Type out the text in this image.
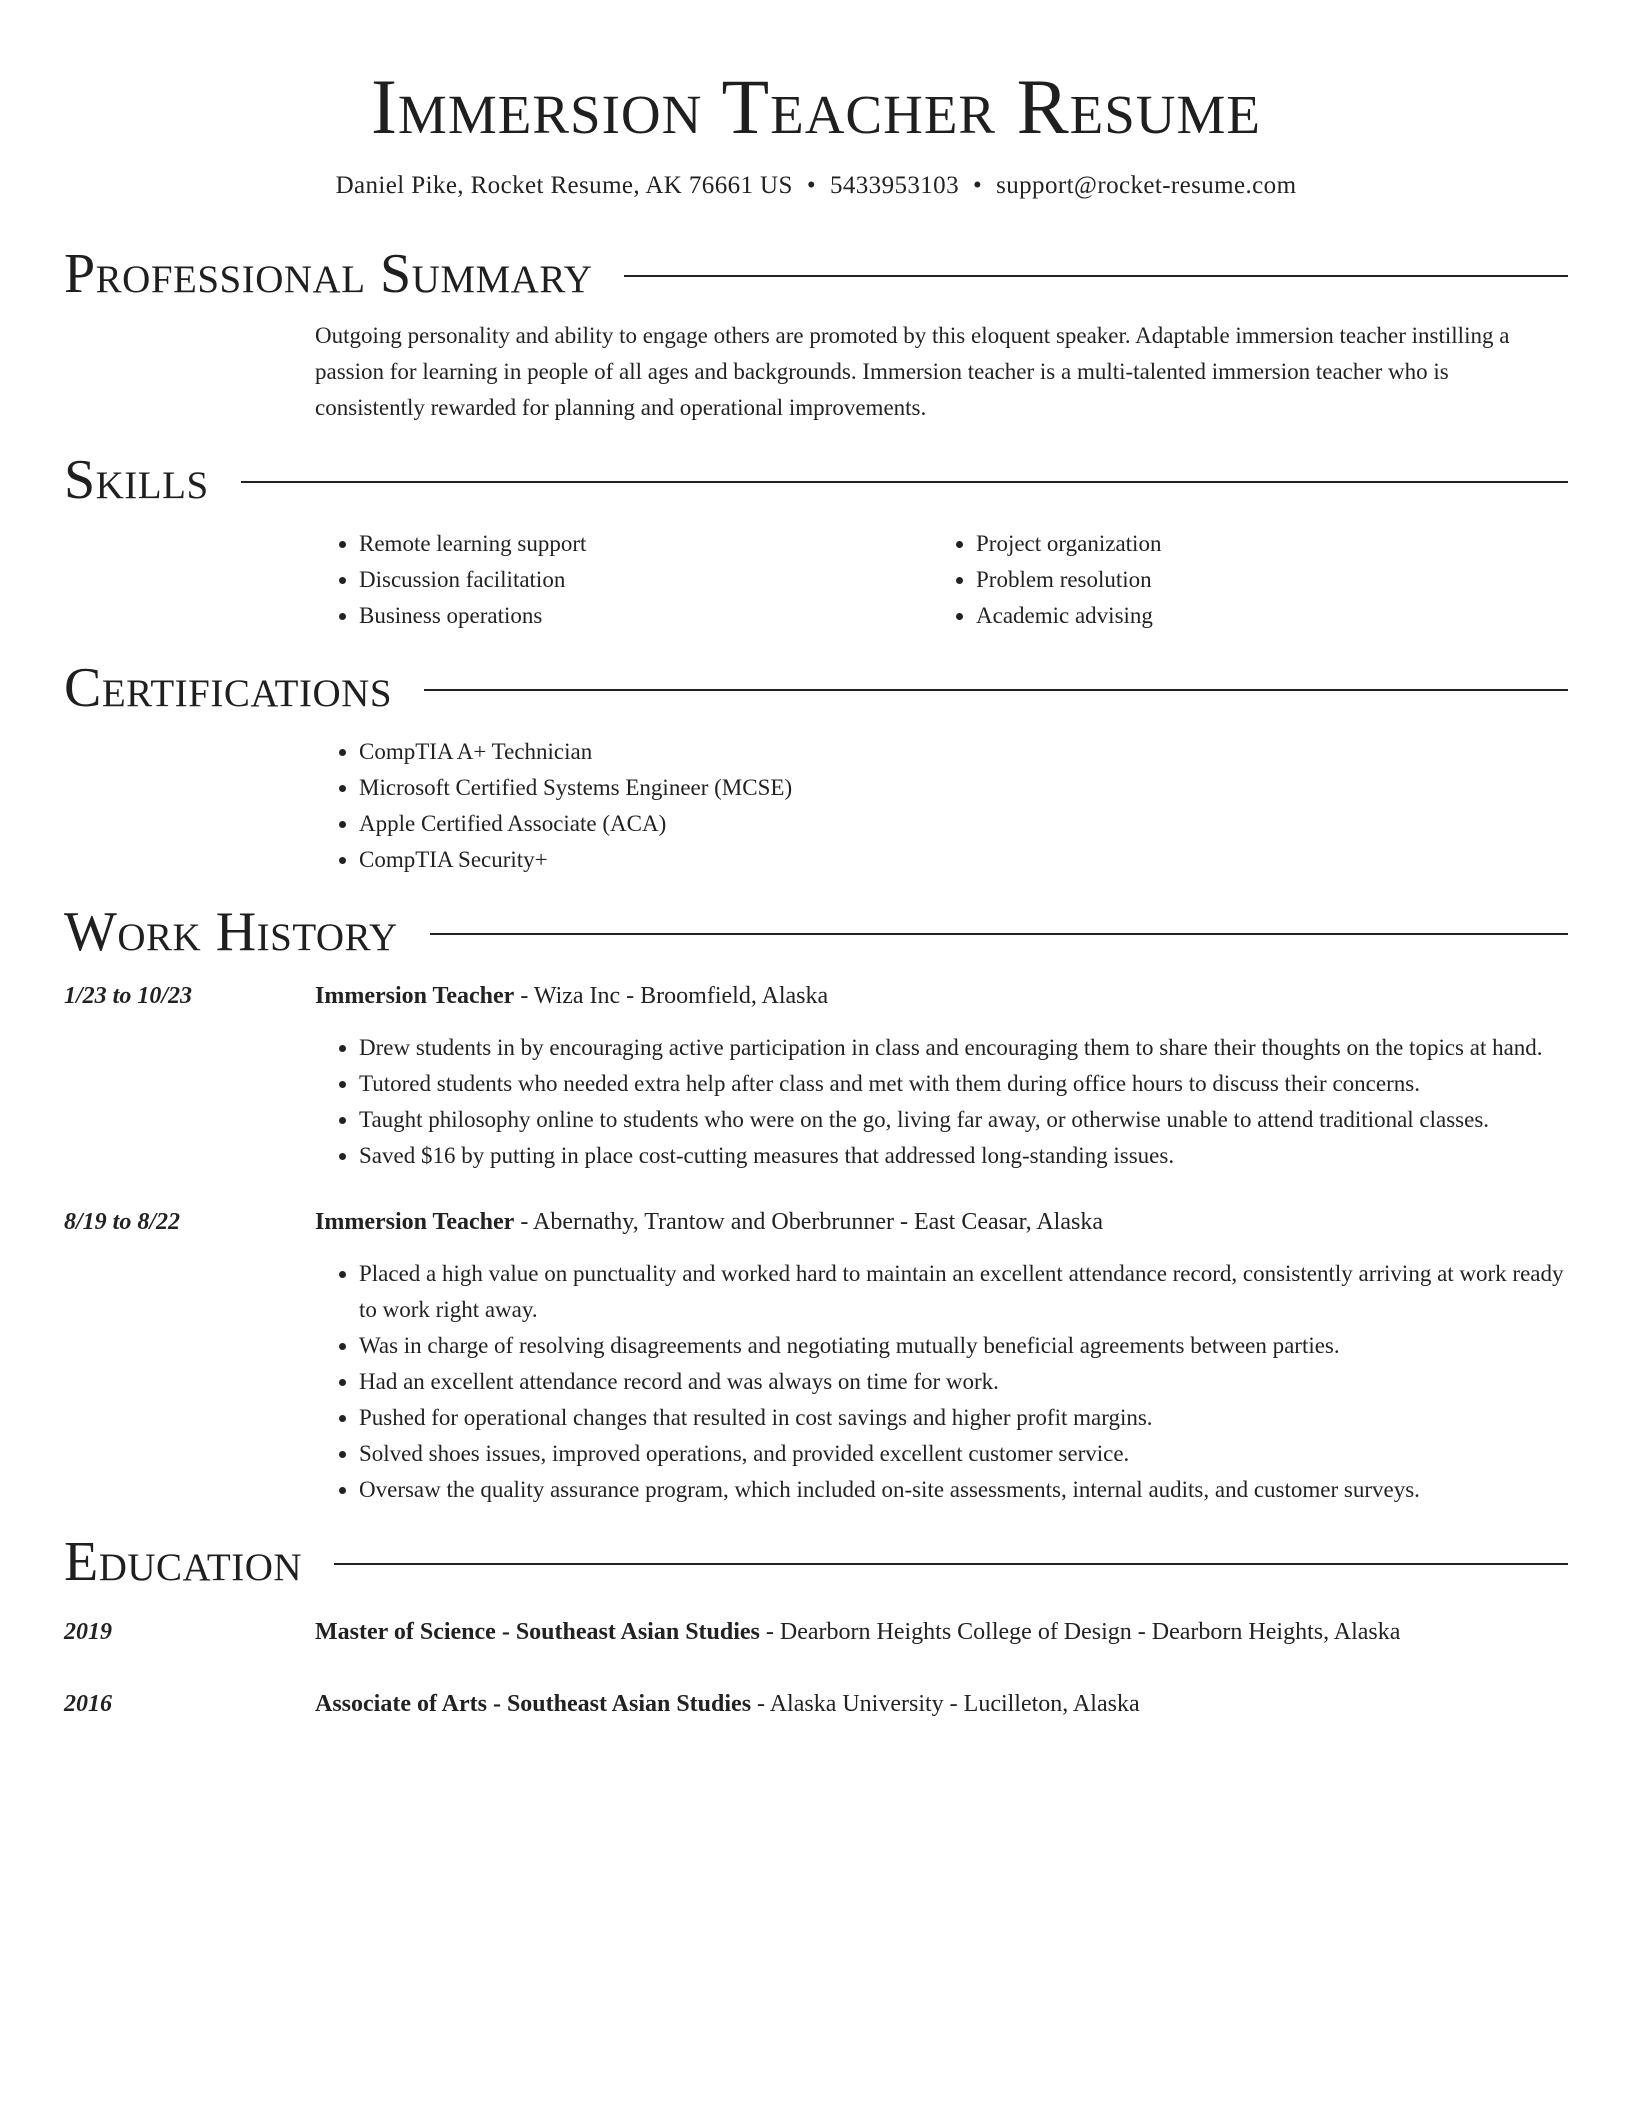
Immersion Teacher Resume
Daniel Pike, Rocket Resume, AK 76661 US • 5433953103 • support@rocket-resume.com
Professional Summary
Outgoing personality and ability to engage others are promoted by this eloquent speaker. Adaptable immersion teacher instilling a passion for learning in people of all ages and backgrounds. Immersion teacher is a multi-talented immersion teacher who is consistently rewarded for planning and operational improvements.
Skills
• Remote learning support
• Discussion facilitation
• Business operations
• Project organization
• Problem resolution
• Academic advising
Certifications
• CompTIA A+ Technician
• Microsoft Certified Systems Engineer (MCSE)
• Apple Certified Associate (ACA)
• CompTIA Security+
Work History
1/23 to 10/23	Immersion Teacher - Wiza Inc - Broomfield, Alaska
• Drew students in by encouraging active participation in class and encouraging them to share their thoughts on the topics at hand.
• Tutored students who needed extra help after class and met with them during office hours to discuss their concerns.
• Taught philosophy online to students who were on the go, living far away, or otherwise unable to attend traditional classes.
• Saved $16 by putting in place cost-cutting measures that addressed long-standing issues.
8/19 to 8/22	Immersion Teacher - Abernathy, Trantow and Oberbrunner - East Ceasar, Alaska
• Placed a high value on punctuality and worked hard to maintain an excellent attendance record, consistently arriving at work ready to work right away.
• Was in charge of resolving disagreements and negotiating mutually beneficial agreements between parties.
• Had an excellent attendance record and was always on time for work.
• Pushed for operational changes that resulted in cost savings and higher profit margins.
• Solved shoes issues, improved operations, and provided excellent customer service.
• Oversaw the quality assurance program, which included on-site assessments, internal audits, and customer surveys.
Education
2019	Master of Science - Southeast Asian Studies - Dearborn Heights College of Design - Dearborn Heights, Alaska
2016	Associate of Arts - Southeast Asian Studies - Alaska University - Lucilleton, Alaska
